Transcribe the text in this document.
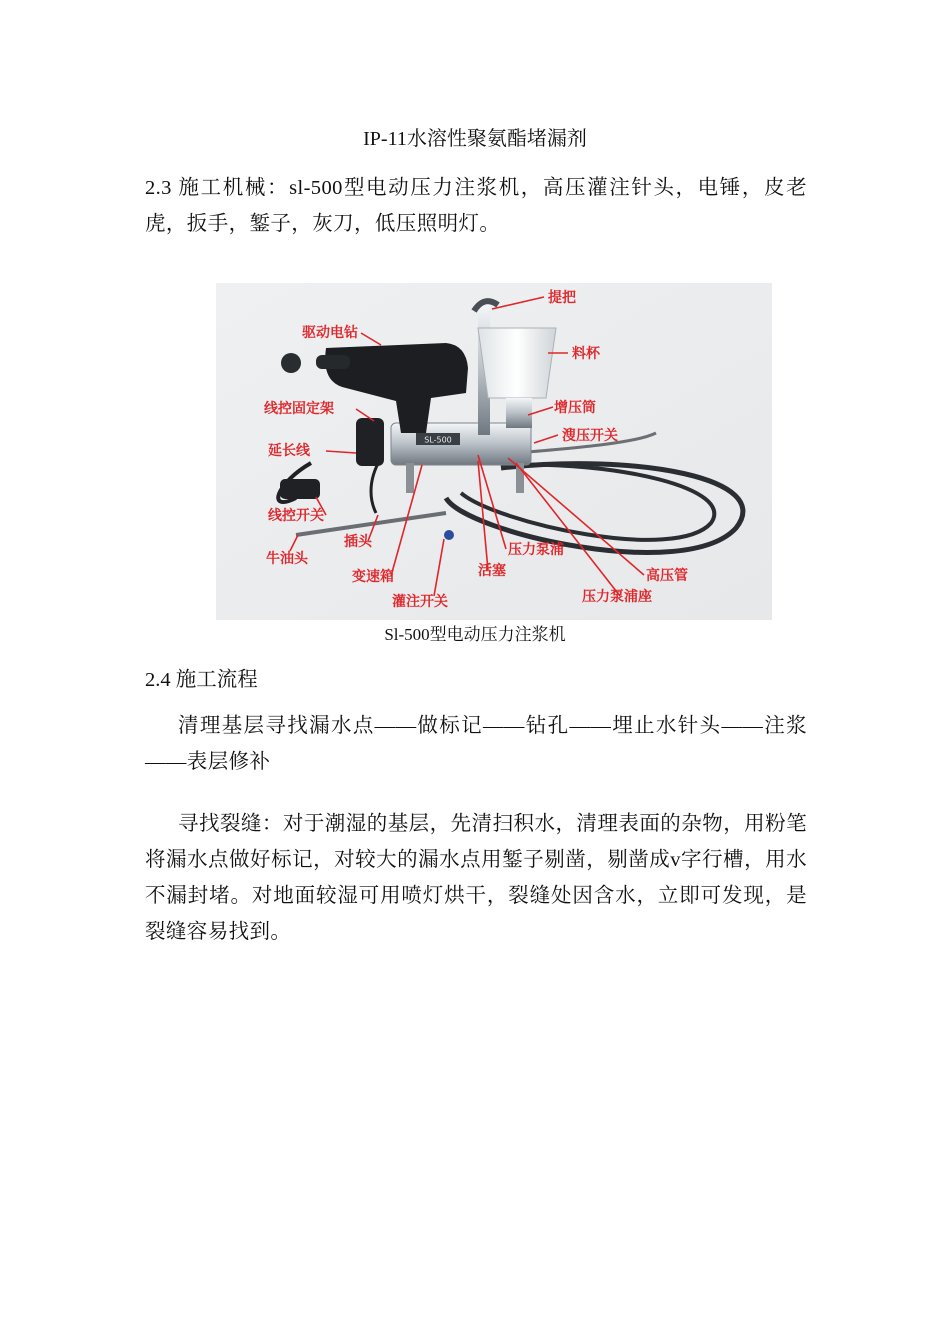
IP-11水溶性聚氨酯堵漏剂
2.3 施工机械：sl-500型电动压力注浆机，高压灌注针头，电锤，皮老虎，扳手，錾子，灰刀，低压照明灯。
SL-500
提把
料杯
驱动电钻
线控固定架	增压筒
延长线
溲压开关
线控开关
插头
牛油头
压力泵浦
活塞	高压管
变速箱
压力泵浦座
灌注开关
Sl-500型电动压力注浆机
2.4 施工流程
清理基层寻找漏水点——做标记——钻孔——埋止水针头——注浆——表层修补
寻找裂缝：对于潮湿的基层，先清扫积水，清理表面的杂物，用粉笔将漏水点做好标记，对较大的漏水点用錾子剔凿，剔凿成v字行槽，用水不漏封堵。对地面较湿可用喷灯烘干，裂缝处因含水，立即可发现，是裂缝容易找到。
